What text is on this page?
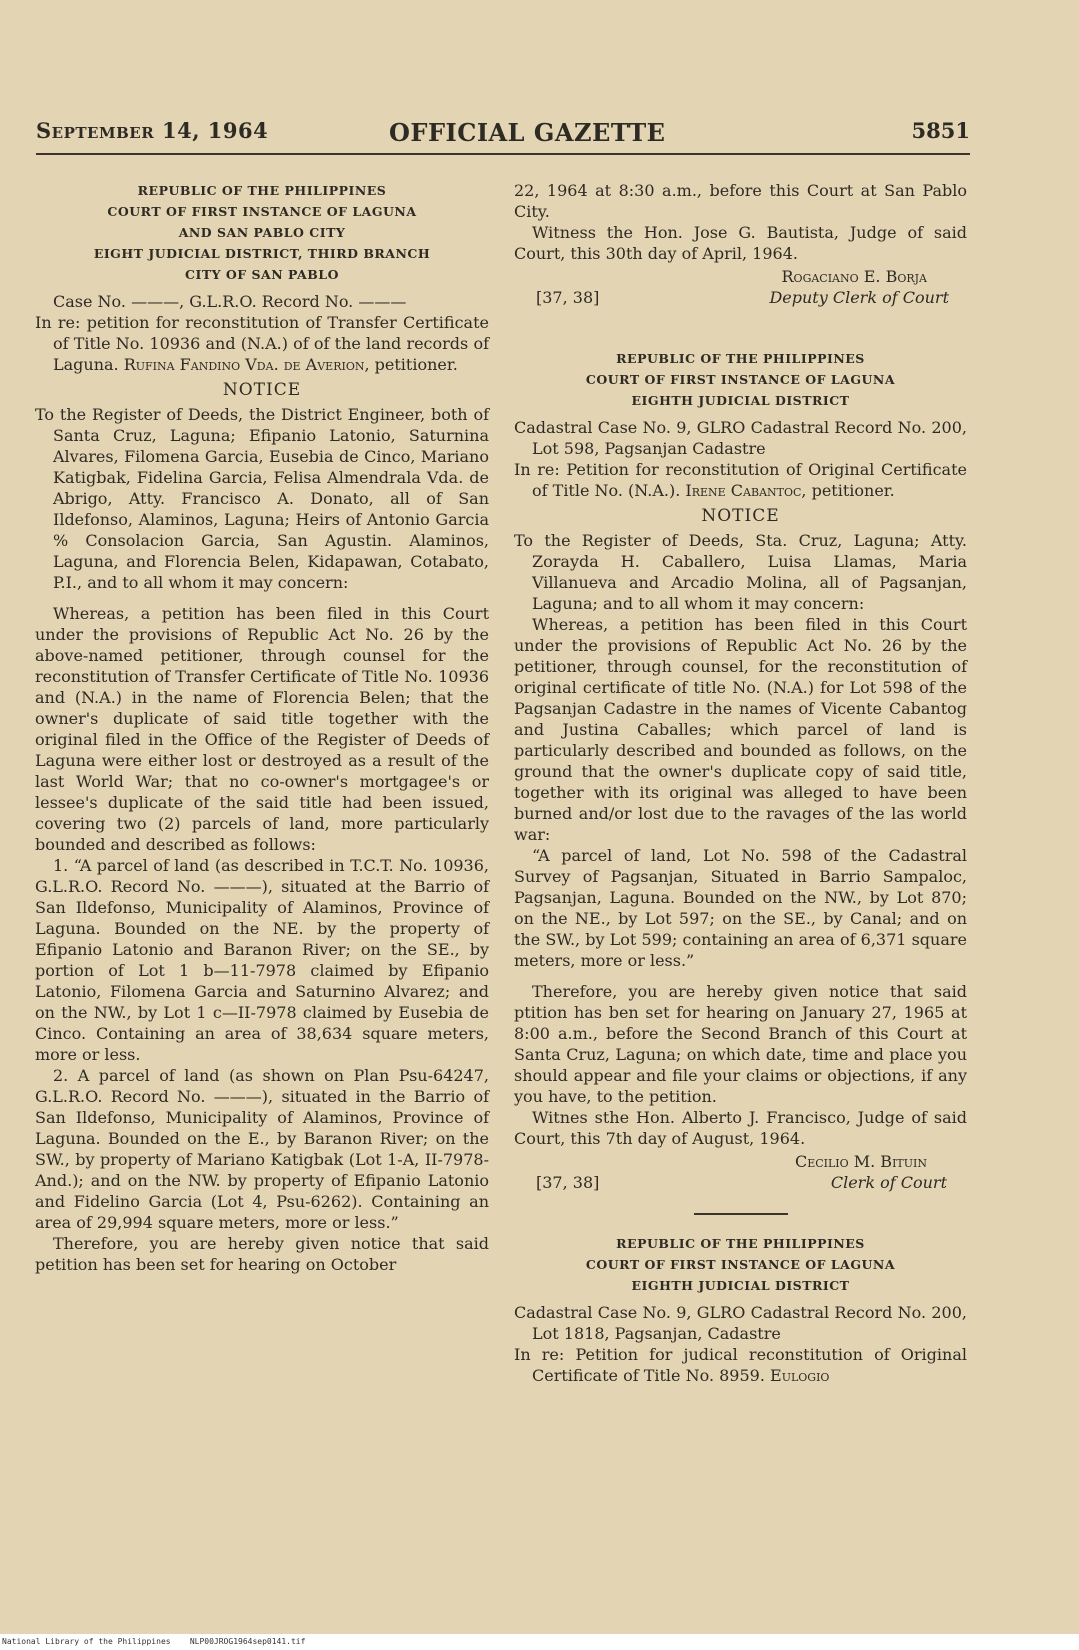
September 14, 1964	OFFICIAL GAZETTE	5851

REPUBLIC OF THE PHILIPPINES

COURT OF FIRST INSTANCE OF LAGUNA

AND SAN PABLO CITY

EIGHT JUDICIAL DISTRICT, THIRD BRANCH

CITY OF SAN PABLO

Case No. ———, G.L.R.O. Record No. ———

In re: petition for reconstitution of Transfer Certificate of Title No. 10936 and (N.A.) of of the land records of Laguna. Rufina Fandino Vda. de Averion, petitioner.

NOTICE

To the Register of Deeds, the District Engineer, both of Santa Cruz, Laguna; Efipanio Latonio, Saturnina Alvares, Filomena Garcia, Eusebia de Cinco, Mariano Katigbak, Fidelina Garcia, Felisa Almendrala Vda. de Abrigo, Atty. Francisco A. Donato, all of San Ildefonso, Alaminos, Laguna; Heirs of Antonio Garcia % Consolacion Garcia, San Agustin. Alaminos, Laguna, and Florencia Belen, Kidapawan, Cotabato, P.I., and to all whom it may concern:

Whereas, a petition has been filed in this Court under the provisions of Republic Act No. 26 by the above-named petitioner, through counsel for the reconstitution of Transfer Certificate of Title No. 10936 and (N.A.) in the name of Florencia Belen; that the owner's duplicate of said title together with the original filed in the Office of the Register of Deeds of Laguna were either lost or destroyed as a result of the last World War; that no co-owner's mortgagee's or lessee's duplicate of the said title had been issued, covering two (2) parcels of land, more particularly bounded and described as follows:

1. “A parcel of land (as described in T.C.T. No. 10936, G.L.R.O. Record No. ———), situated at the Barrio of San Ildefonso, Municipality of Alaminos, Province of Laguna. Bounded on the NE. by the property of Efipanio Latonio and Baranon River; on the SE., by portion of Lot 1 b—11-7978 claimed by Efipanio Latonio, Filomena Garcia and Saturnino Alvarez; and on the NW., by Lot 1 c—II-7978 claimed by Eusebia de Cinco. Containing an area of 38,634 square meters, more or less.

2. A parcel of land (as shown on Plan Psu-64247, G.L.R.O. Record No. ———), situated in the Barrio of San Ildefonso, Municipality of Alaminos, Province of Laguna. Bounded on the E., by Baranon River; on the SW., by property of Mariano Katigbak (Lot 1-A, II-7978-And.); and on the NW. by property of Efipanio Latonio and Fidelino Garcia (Lot 4, Psu-6262). Containing an area of 29,994 square meters, more or less.”

Therefore, you are hereby given notice that said petition has been set for hearing on October

22, 1964 at 8:30 a.m., before this Court at San Pablo City.

Witness the Hon. Jose G. Bautista, Judge of said Court, this 30th day of April, 1964.

Rogaciano E. Borja

[37, 38]	Deputy Clerk of Court

REPUBLIC OF THE PHILIPPINES

COURT OF FIRST INSTANCE OF LAGUNA

EIGHTH JUDICIAL DISTRICT

Cadastral Case No. 9, GLRO Cadastral Record No. 200, Lot 598, Pagsanjan Cadastre

In re: Petition for reconstitution of Original Certificate of Title No. (N.A.). Irene Cabantoc, petitioner.

NOTICE

To the Register of Deeds, Sta. Cruz, Laguna; Atty. Zorayda H. Caballero, Luisa Llamas, Maria Villanueva and Arcadio Molina, all of Pagsanjan, Laguna; and to all whom it may concern:

Whereas, a petition has been filed in this Court under the provisions of Republic Act No. 26 by the petitioner, through counsel, for the reconstitution of original certificate of title No. (N.A.) for Lot 598 of the Pagsanjan Cadastre in the names of Vicente Cabantog and Justina Caballes; which parcel of land is particularly described and bounded as follows, on the ground that the owner's duplicate copy of said title, together with its original was alleged to have been burned and/or lost due to the ravages of the las world war:

“A parcel of land, Lot No. 598 of the Cadastral Survey of Pagsanjan, Situated in Barrio Sampaloc, Pagsanjan, Laguna. Bounded on the NW., by Lot 870; on the NE., by Lot 597; on the SE., by Canal; and on the SW., by Lot 599; containing an area of 6,371 square meters, more or less.”

Therefore, you are hereby given notice that said ptition has ben set for hearing on January 27, 1965 at 8:00 a.m., before the Second Branch of this Court at Santa Cruz, Laguna; on which date, time and place you should appear and file your claims or objections, if any you have, to the petition.

Witnes sthe Hon. Alberto J. Francisco, Judge of said Court, this 7th day of August, 1964.

Cecilio M. Bituin

[37, 38]	Clerk of Court

REPUBLIC OF THE PHILIPPINES

COURT OF FIRST INSTANCE OF LAGUNA

EIGHTH JUDICIAL DISTRICT

Cadastral Case No. 9, GLRO Cadastral Record No. 200, Lot 1818, Pagsanjan, Cadastre

In re: Petition for judical reconstitution of Original Certificate of Title No. 8959. Eulogio

National Library of the Philippines NLP00JROG1964sep0141.tif
